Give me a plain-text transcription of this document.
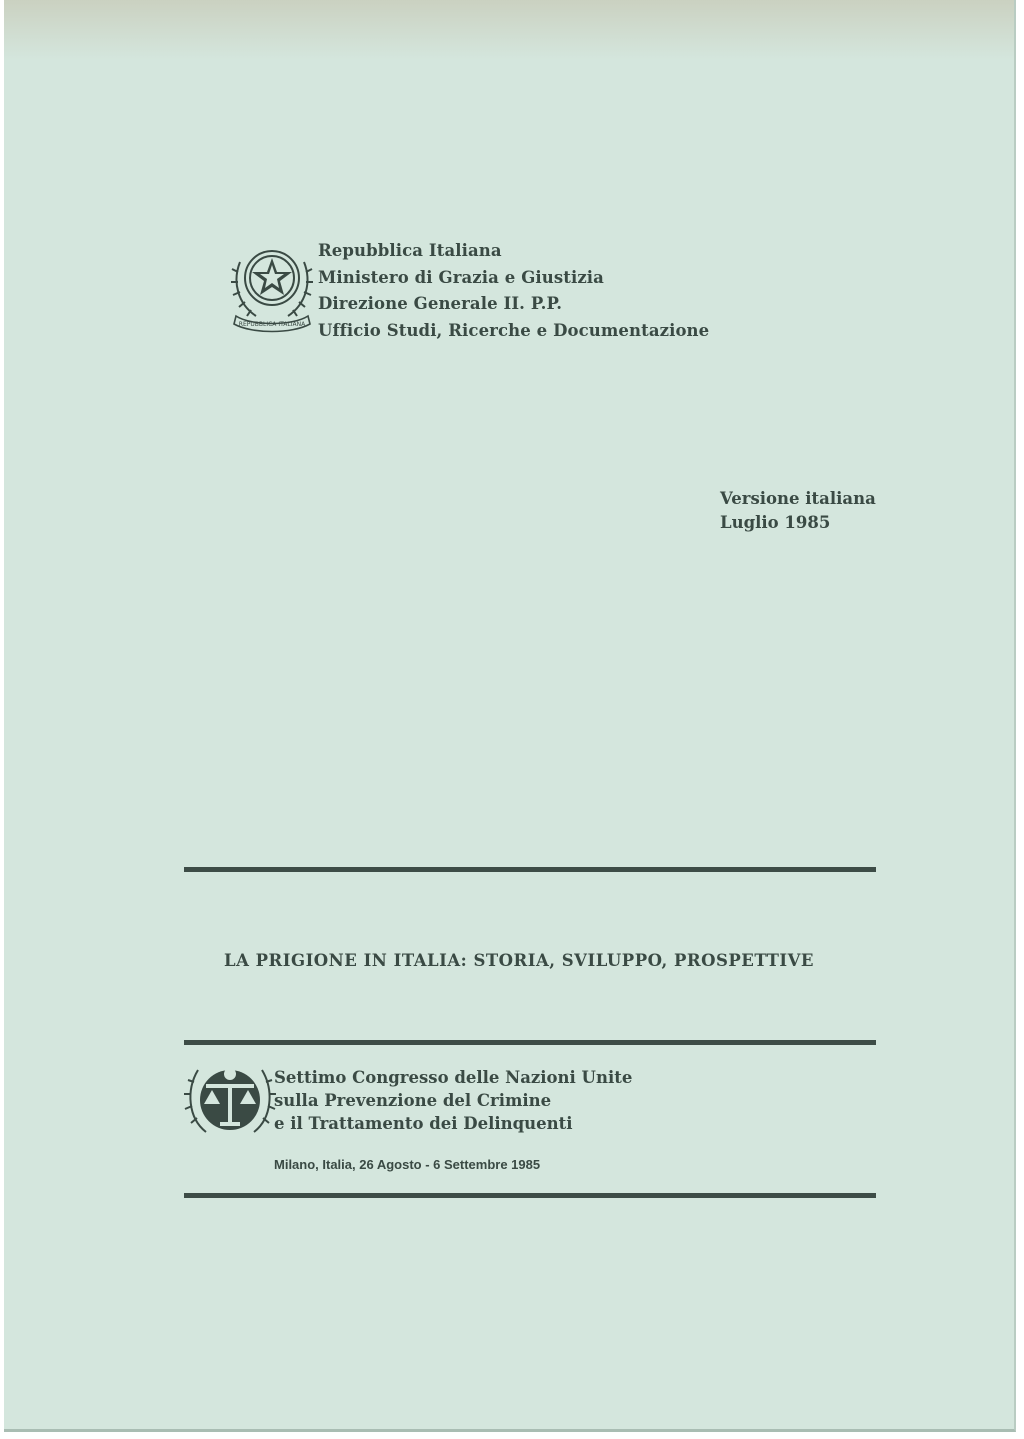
REPUBBLICA ITALIANA
Repubblica Italiana
Ministero di Grazia e Giustizia
Direzione Generale II. P.P.
Ufficio Studi, Ricerche e Documentazione
Versione italiana
Luglio 1985
LA PRIGIONE IN ITALIA: STORIA, SVILUPPO, PROSPETTIVE
Settimo Congresso delle Nazioni Unite
sulla Prevenzione del Crimine
e il Trattamento dei Delinquenti
Milano, Italia, 26 Agosto - 6 Settembre 1985
